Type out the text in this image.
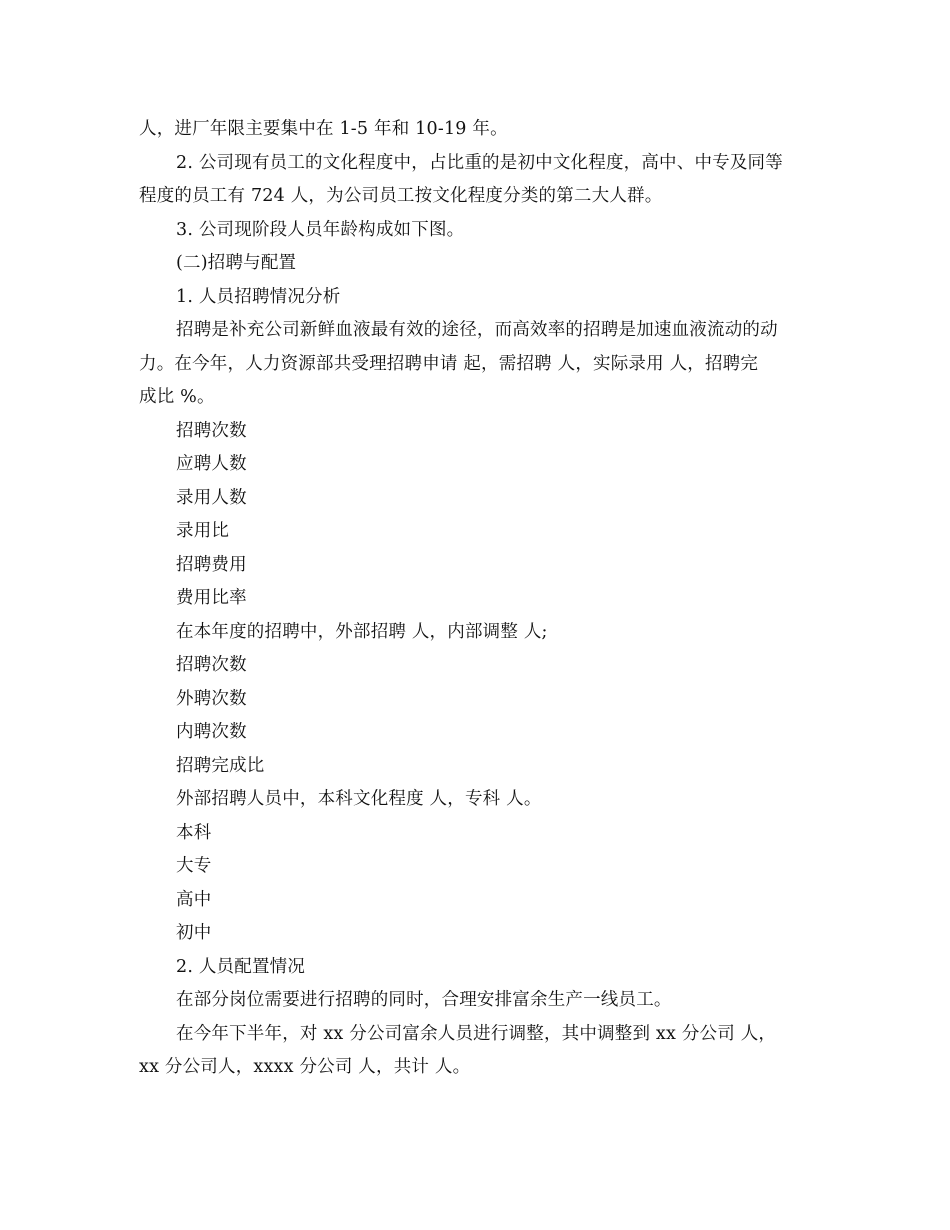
人，进厂年限主要集中在 1-5 年和 10-19 年。
2. 公司现有员工的文化程度中，占比重的是初中文化程度，高中、中专及同等
程度的员工有 724 人，为公司员工按文化程度分类的第二大人群。
3. 公司现阶段人员年龄构成如下图。
(二)招聘与配置
1. 人员招聘情况分析
招聘是补充公司新鲜血液最有效的途径，而高效率的招聘是加速血液流动的动
力。在今年，人力资源部共受理招聘申请 起，需招聘 人，实际录用 人，招聘完
成比 %。
招聘次数
应聘人数
录用人数
录用比
招聘费用
费用比率
在本年度的招聘中，外部招聘 人，内部调整 人;
招聘次数
外聘次数
内聘次数
招聘完成比
外部招聘人员中，本科文化程度 人，专科 人。
本科
大专
高中
初中
2. 人员配置情况
在部分岗位需要进行招聘的同时，合理安排富余生产一线员工。
在今年下半年，对 xx 分公司富余人员进行调整，其中调整到 xx 分公司 人，
xx 分公司人，xxxx 分公司 人，共计 人。
